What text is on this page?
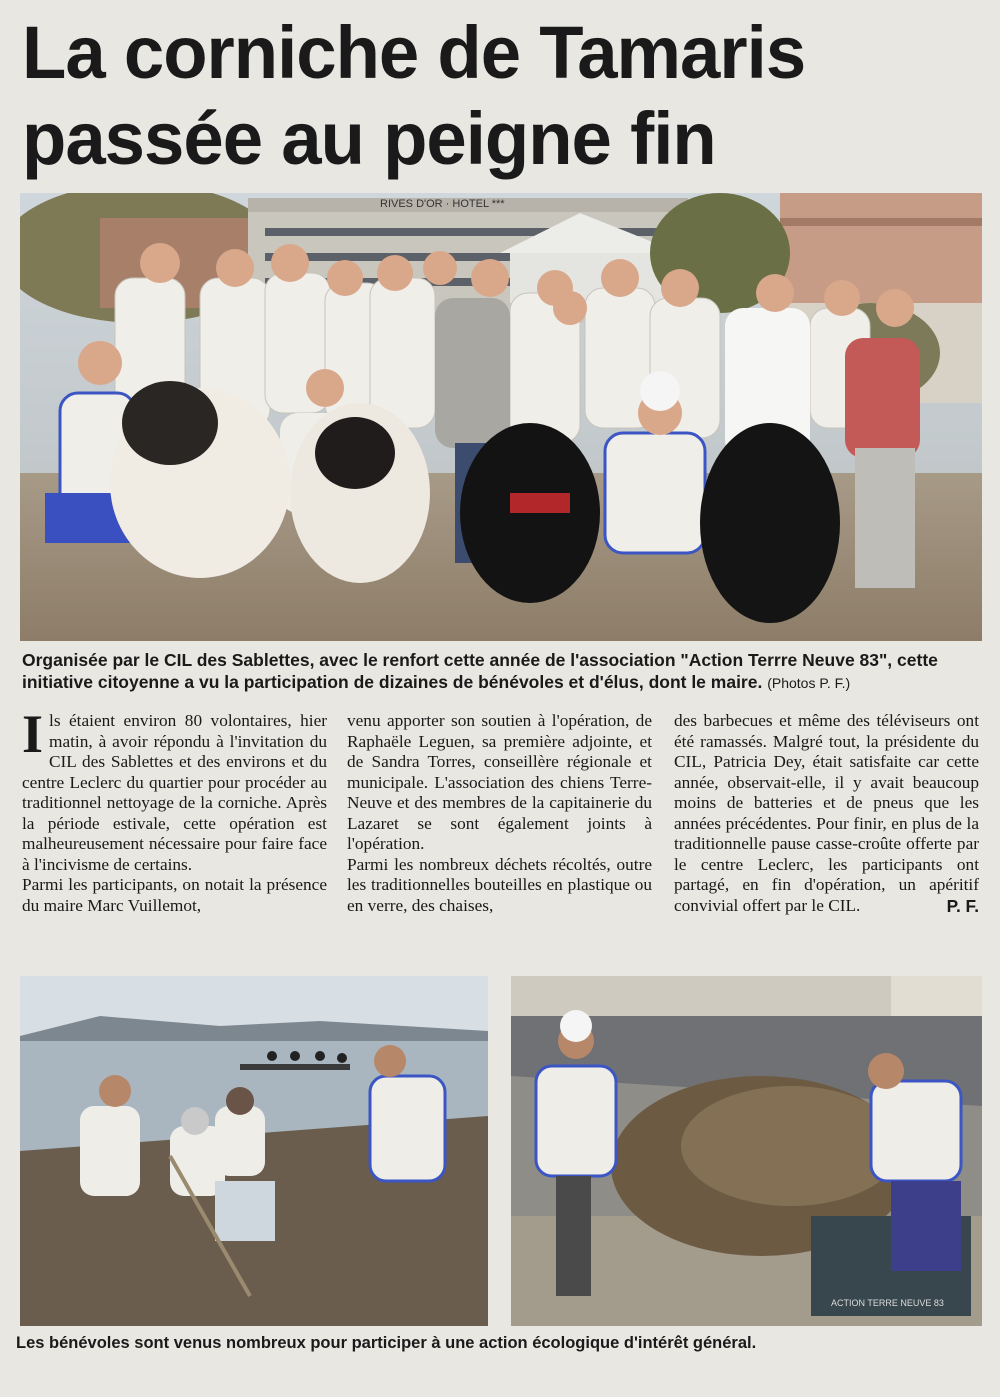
La corniche de Tamaris
passée au peigne fin
RIVES D'OR · HOTEL ***
Organisée par le CIL des Sablettes, avec le renfort cette année de l'association "Action Terrre Neuve 83", cette initiative citoyenne a vu la participation de dizaines de bénévoles et d'élus, dont le maire. (Photos P. F.)

Ils étaient environ 80 volontaires, hier matin, à avoir répondu à l'invitation du CIL des Sablettes et des environs et du centre Leclerc du quartier pour procéder au traditionnel nettoyage de la corniche. Après la période estivale, cette opération est malheureusement nécessaire pour faire face à l'incivisme de certains.

Parmi les participants, on notait la présence du maire Marc Vuillemot,

venu apporter son soutien à l'opération, de Raphaële Leguen, sa première adjointe, et de Sandra Torres, conseillère régionale et municipale. L'association des chiens Terre-Neuve et des membres de la capitainerie du Lazaret se sont également joints à l'opération.

Parmi les nombreux déchets récoltés, outre les traditionnelles bouteilles en plastique ou en verre, des chaises,

des barbecues et même des téléviseurs ont été ramassés. Malgré tout, la présidente du CIL, Patricia Dey, était satisfaite car cette année, observait-elle, il y avait beaucoup moins de batteries et de pneus que les années précédentes. Pour finir, en plus de la traditionnelle pause casse-croûte offerte par le centre Leclerc, les participants ont partagé, en fin d'opération, un apéritif convivial offert par le CIL.	P. F.

ACTION TERRE NEUVE 83
Les bénévoles sont venus nombreux pour participer à une action écologique d'intérêt général.
